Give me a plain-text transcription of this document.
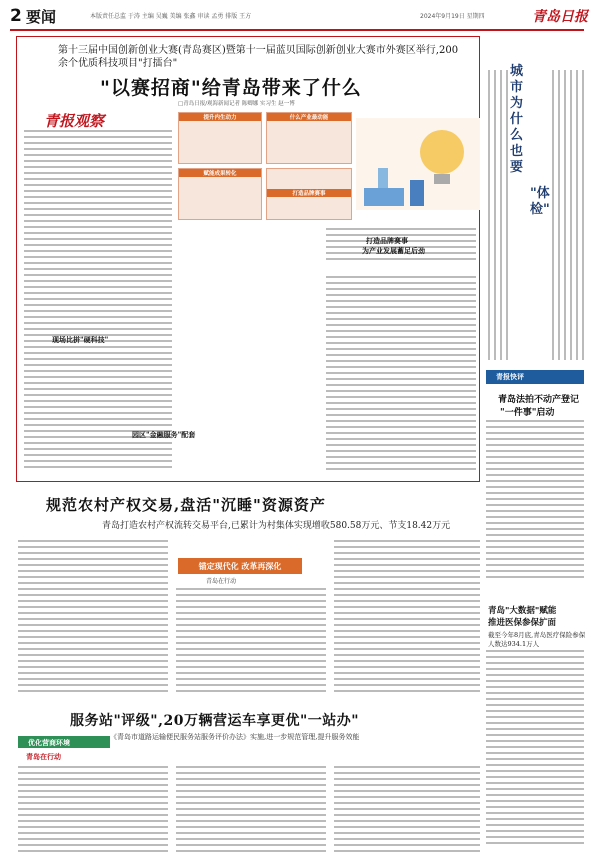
2 要闻	本版责任总监 于涛 主编 吴巍 美编 张鑫 审读 孟勇 排版 王方	2024年9月19日 星期四	青岛日报
第十三届中国创新创业大赛(青岛赛区)暨第十一届蓝贝国际创新创业大赛市外赛区举行,200余个优质科技项目"打擂台"
"以赛招商"给青岛带来了什么
□青岛日报/观海新闻记者 陈卿娜 实习生 赵一博
青报观察
现场比拼"硬科技"
园区"金融服务"配套
提升内生动力	什么产业最动能
赋能成果转化
打造品牌赛事
打造品牌赛事
为产业发展蓄足后劲
城市为什么也要
"体检"
青报快评
青岛法拍不动产登记
"一件事"启动
规范农村产权交易,盘活"沉睡"资源资产
青岛打造农村产权流转交易平台,已累计为村集体实现增收580.58万元、节支18.42万元
锚定现代化 改革再深化
青岛在行动
服务站"评级",20万辆营运车享更优"一站办"
《青岛市道路运输便民服务站服务评价办法》实施,进一步规范管理,提升服务效能
优化营商环境
青岛在行动
青岛"大数据"赋能
推进医保参保扩面
截至今年8月底,青岛医疗保险参保
人数达934.1万人
